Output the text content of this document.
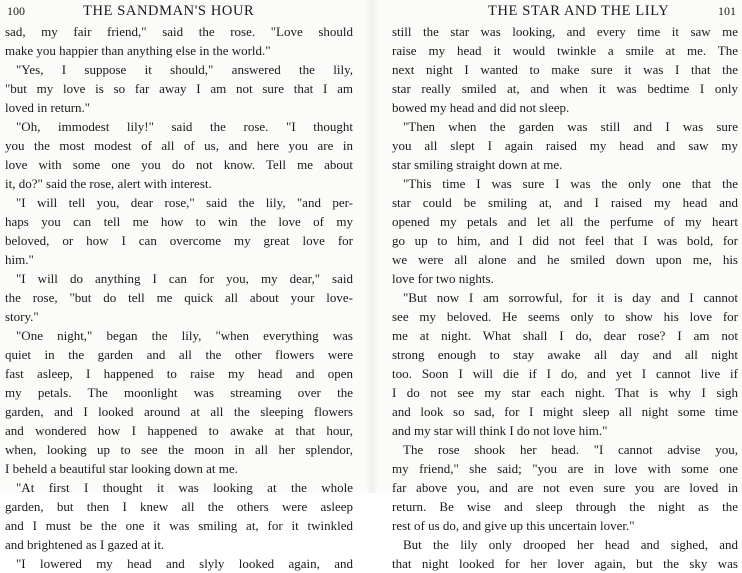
100	THE SANDMAN'S HOUR
sad, my fair friend," said the rose. "Love should
make you happier than anything else in the world."
"Yes, I suppose it should," answered the lily,
"but my love is so far away I am not sure that I am
loved in return."
"Oh, immodest lily!" said the rose. "I thought
you the most modest of all of us, and here you are in
love with some one you do not know. Tell me about
it, do?" said the rose, alert with interest.
"I will tell you, dear rose," said the lily, "and per-
haps you can tell me how to win the love of my
beloved, or how I can overcome my great love for
him."
"I will do anything I can for you, my dear," said
the rose, "but do tell me quick all about your love-
story."
"One night," began the lily, "when everything was
quiet in the garden and all the other flowers were
fast asleep, I happened to raise my head and open
my petals. The moonlight was streaming over the
garden, and I looked around at all the sleeping flowers
and wondered how I happened to awake at that hour,
when, looking up to see the moon in all her splendor,
I beheld a beautiful star looking down at me.
"At first I thought it was looking at the whole
garden, but then I knew all the others were asleep
and I must be the one it was smiling at, for it twinkled
and brightened as I gazed at it.
"I lowered my head and slyly looked again, and
THE STAR AND THE LILY	101
still the star was looking, and every time it saw me
raise my head it would twinkle a smile at me. The
next night I wanted to make sure it was I that the
star really smiled at, and when it was bedtime I only
bowed my head and did not sleep.
"Then when the garden was still and I was sure
you all slept I again raised my head and saw my
star smiling straight down at me.
"This time I was sure I was the only one that the
star could be smiling at, and I raised my head and
opened my petals and let all the perfume of my heart
go up to him, and I did not feel that I was bold, for
we were all alone and he smiled down upon me, his
love for two nights.
"But now I am sorrowful, for it is day and I cannot
see my beloved. He seems only to show his love for
me at night. What shall I do, dear rose? I am not
strong enough to stay awake all day and all night
too. Soon I will die if I do, and yet I cannot live if
I do not see my star each night. That is why I sigh
and look so sad, for I might sleep all night some time
and my star will think I do not love him."
The rose shook her head. "I cannot advise you,
my friend," she said; "you are in love with some one
far above you, and are not even sure you are loved in
return. Be wise and sleep through the night as the
rest of us do, and give up this uncertain lover."
But the lily only drooped her head and sighed, and
that night looked for her lover again, but the sky was
